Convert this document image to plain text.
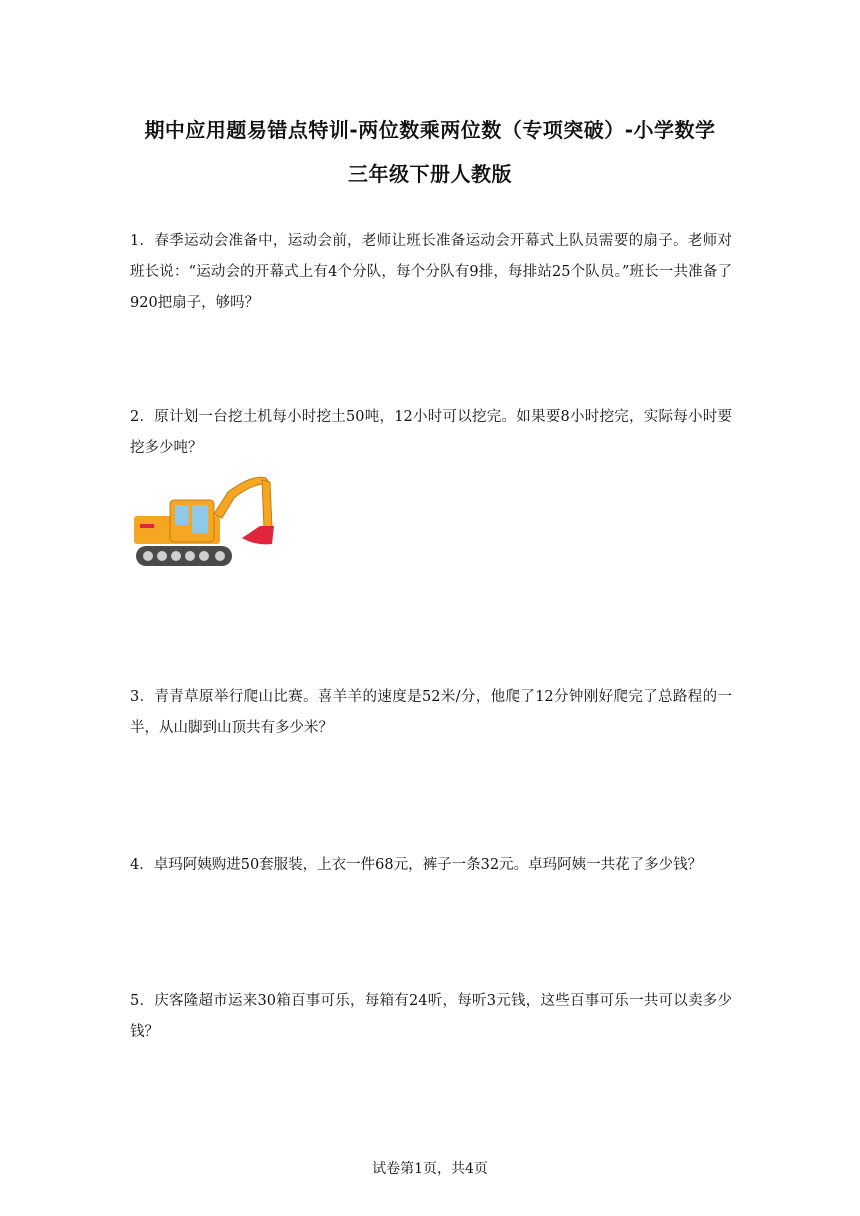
期中应用题易错点特训-两位数乘两位数（专项突破）-小学数学
三年级下册人教版
1．春季运动会准备中，运动会前，老师让班长准备运动会开幕式上队员需要的扇子。老师对班长说：“运动会的开幕式上有4个分队，每个分队有9排，每排站25个队员。”班长一共准备了920把扇子，够吗？
2．原计划一台挖土机每小时挖土50吨，12小时可以挖完。如果要8小时挖完，实际每小时要挖多少吨？
3．青青草原举行爬山比赛。喜羊羊的速度是52米/分，他爬了12分钟刚好爬完了总路程的一半，从山脚到山顶共有多少米？
4．卓玛阿姨购进50套服装，上衣一件68元，裤子一条32元。卓玛阿姨一共花了多少钱？
5．庆客隆超市运来30箱百事可乐，每箱有24听，每听3元钱，这些百事可乐一共可以卖多少钱？
试卷第1页，共4页
